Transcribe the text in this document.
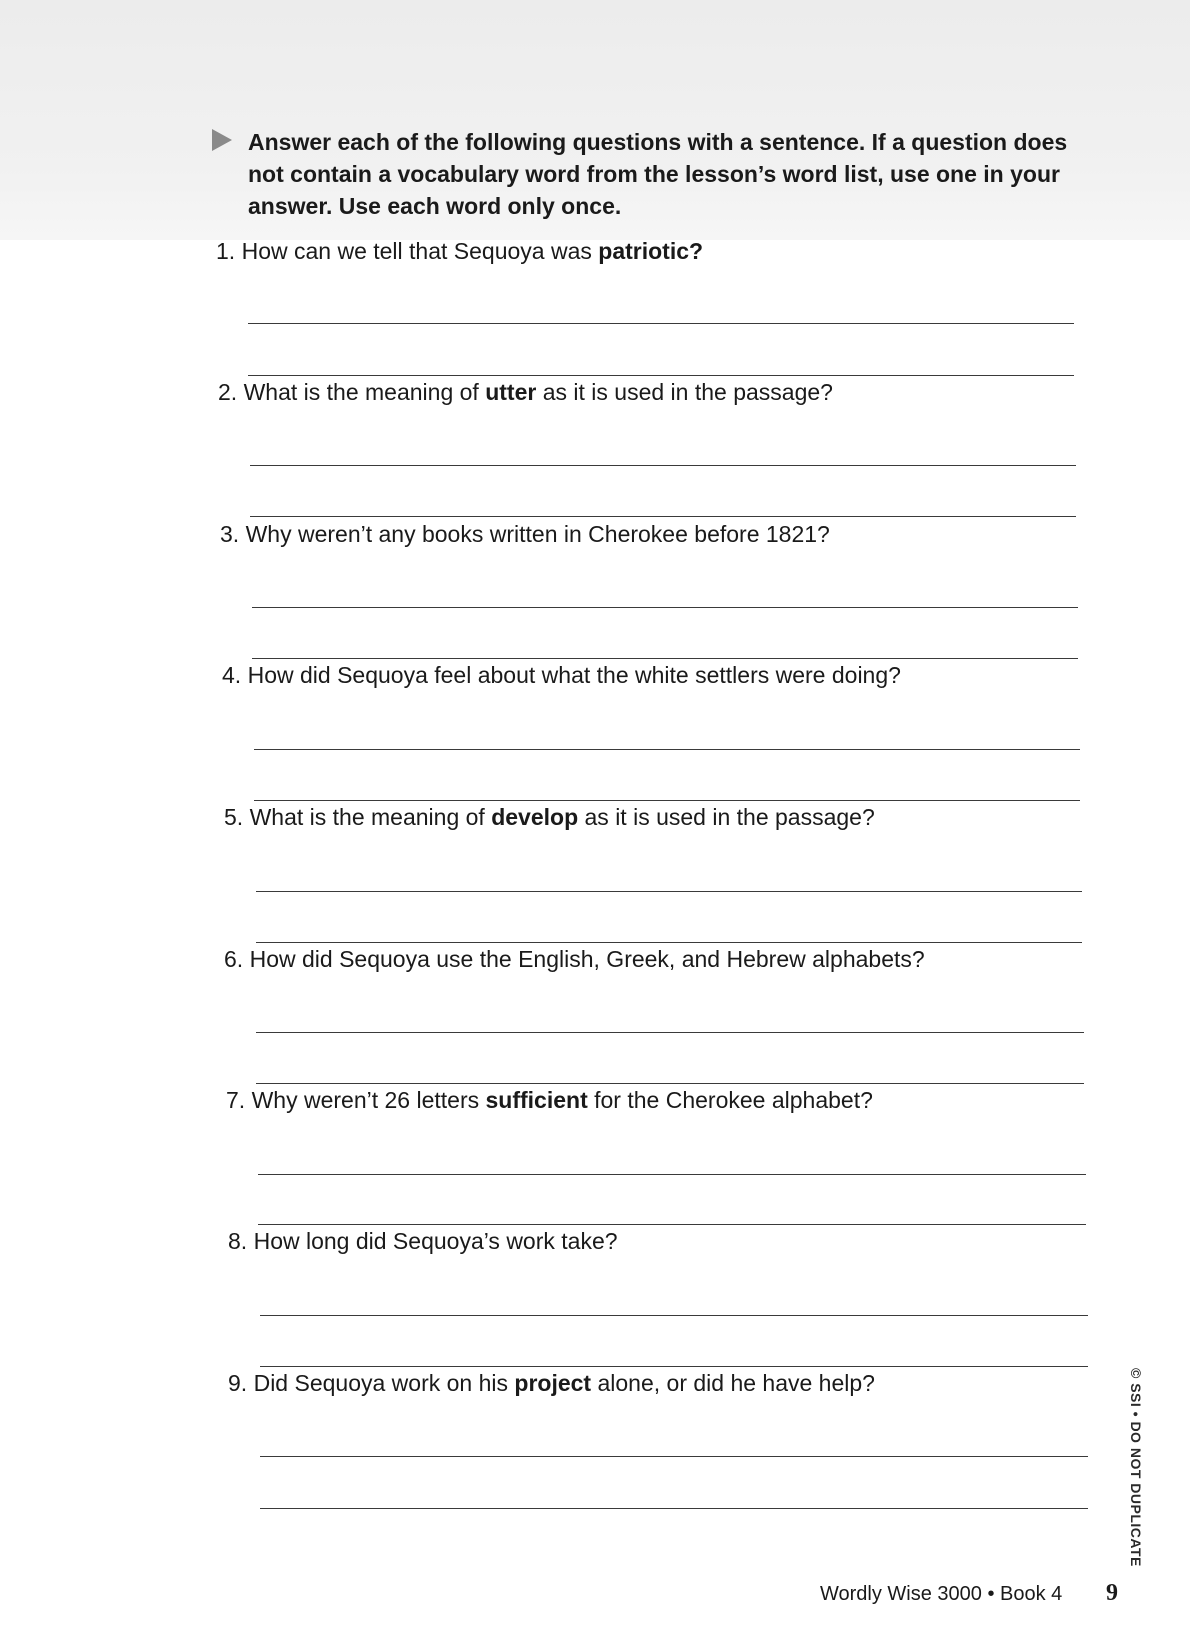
Answer each of the following questions with a sentence. If a question does not contain a vocabulary word from the lesson’s word list, use one in your answer. Use each word only once.
1. How can we tell that Sequoya was patriotic?
2. What is the meaning of utter as it is used in the passage?
3. Why weren’t any books written in Cherokee before 1821?
4. How did Sequoya feel about what the white settlers were doing?
5. What is the meaning of develop as it is used in the passage?
6. How did Sequoya use the English, Greek, and Hebrew alphabets?
7. Why weren’t 26 letters sufficient for the Cherokee alphabet?
8. How long did Sequoya’s work take?
9. Did Sequoya work on his project alone, or did he have help?	© SSI • DO NOT DUPLICATE
Wordly Wise 3000 • Book 4 9
